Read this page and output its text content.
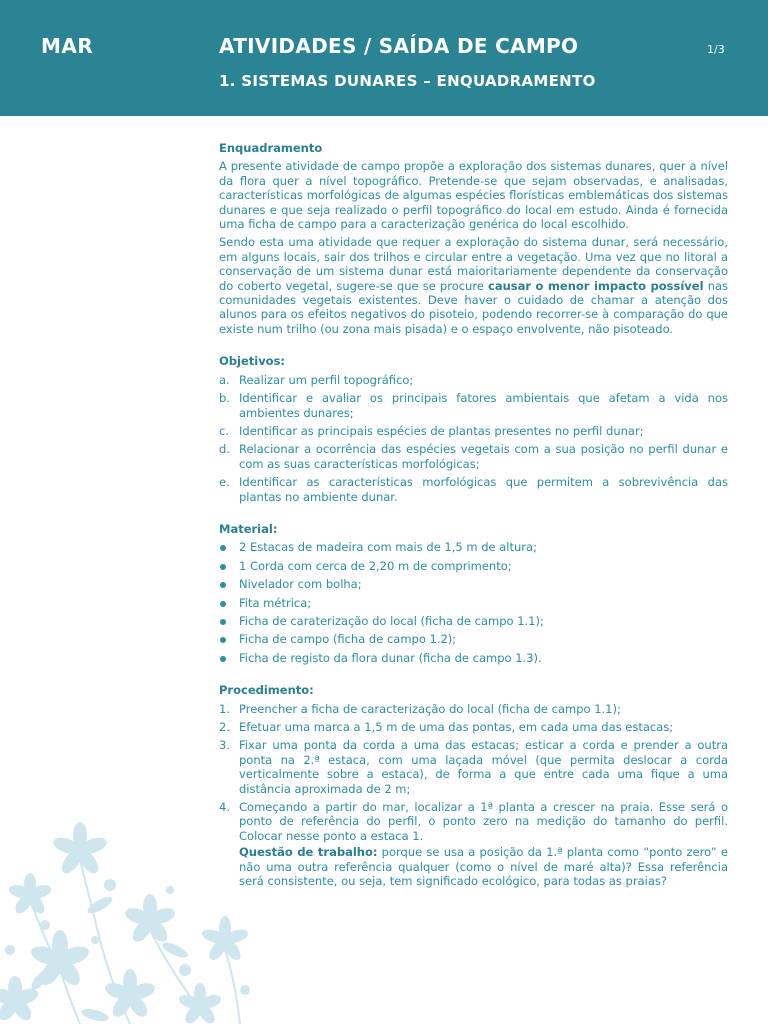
MAR	ATIVIDADES / SAÍDA DE CAMPO
1. SISTEMAS DUNARES – ENQUADRAMENTO
1/3
Enquadramento

A presente atividade de campo propõe a exploração dos sistemas dunares, quer a nível da flora quer a nível topográfico. Pretende-se que sejam observadas, e analisadas, características morfológicas de algumas espécies florísticas emblemáticas dos sistemas dunares e que seja realizado o perfil topográfico do local em estudo. Ainda é fornecida uma ficha de campo para a caracterização genérica do local escolhido.

Sendo esta uma atividade que requer a exploração do sistema dunar, será necessário, em alguns locais, sair dos trilhos e circular entre a vegetação. Uma vez que no litoral a conservação de um sistema dunar está maioritariamente dependente da conservação do coberto vegetal, sugere-se que se procure causar o menor impacto possível nas comunidades vegetais existentes. Deve haver o cuidado de chamar a atenção dos alunos para os efeitos negativos do pisoteio, podendo recorrer-se à comparação do que existe num trilho (ou zona mais pisada) e o espaço envolvente, não pisoteado.

Objetivos:
a. Realizar um perfil topográfico;
b. Identificar e avaliar os principais fatores ambientais que afetam a vida nos ambientes dunares;
c. Identificar as principais espécies de plantas presentes no perfil dunar;
d. Relacionar a ocorrência das espécies vegetais com a sua posição no perfil dunar e com as suas características morfológicas;
e. Identificar as características morfológicas que permitem a sobrevivência das plantas no ambiente dunar.
Material:
2 Estacas de madeira com mais de 1,5 m de altura;
1 Corda com cerca de 2,20 m de comprimento;
Nivelador com bolha;
Fita métrica;
Ficha de caraterização do local (ficha de campo 1.1);
Ficha de campo (ficha de campo 1.2);
Ficha de registo da flora dunar (ficha de campo 1.3).
Procedimento:
1. Preencher a ficha de caracterização do local (ficha de campo 1.1);
2. Efetuar uma marca a 1,5 m de uma das pontas, em cada uma das estacas;
3. Fixar uma ponta da corda a uma das estacas; esticar a corda e prender a outra ponta na 2.ª estaca, com uma laçada móvel (que permita deslocar a corda verticalmente sobre a estaca), de forma a que entre cada uma fique a uma distância aproximada de 2 m;
4. Começando a partir do mar, localizar a 1ª planta a crescer na praia. Esse será o ponto de referência do perfil, o ponto zero na medição do tamanho do perfil. Colocar nesse ponto a estaca 1.
Questão de trabalho: porque se usa a posição da 1.ª planta como “ponto zero” e não uma outra referência qualquer (como o nível de maré alta)? Essa referência será consistente, ou seja, tem significado ecológico, para todas as praias?
